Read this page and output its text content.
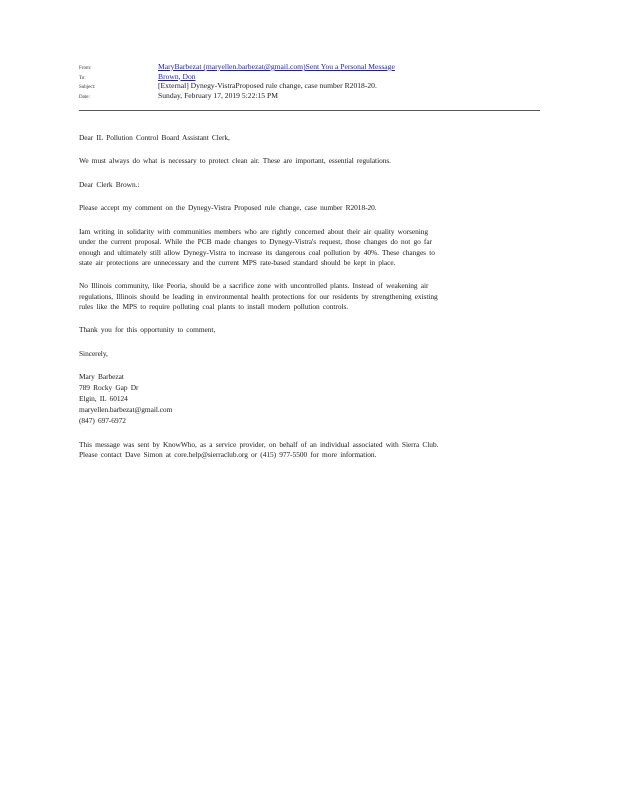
From:	MaryBarbezat (maryellen.barbezat@gmail.com)Sent You a Personal Message
To:	Brown, Don
Subject:	[External] Dynegy-VistraProposed rule change, case number R2018-20.
Date:	Sunday, February 17, 2019 5:22:15 PM

Dear IL Pollution Control Board Assistant Clerk,

We must always do what is necessary to protect clean air. These are important, essential regulations.

Dear Clerk Brown.:

Please accept my comment on the Dynegy-Vistra Proposed rule change, case number R2018-20.

Iam writing in solidarity with communities members who are rightly concerned about their air quality worsening
under the current proposal. While the PCB made changes to Dynegy-Vistra's request, those changes do not go far
enough and ultimately still allow Dynegy-Vistra to increase its dangerous coal pollution by 40%. These changes to
state air protections are unnecessary and the current MPS rate-based standard should be kept in place.

No Illinois community, like Peoria, should be a sacrifice zone with uncontrolled plants. Instead of weakening air
regulations, Illinois should be leading in environmental health protections for our residents by strengthening existing
rules like the MPS to require polluting coal plants to install modern pollution controls.

Thank you for this opportunity to comment,

Sincerely,

Mary Barbezat
789 Rocky Gap Dr
Elgin, IL 60124
maryellen.barbezat@gmail.com
(847) 697-6972

This message was sent by KnowWho, as a service provider, on behalf of an individual associated with Sierra Club.
Please contact Dave Simon at core.help@sierraclub.org or (415) 977-5500 for more information.
